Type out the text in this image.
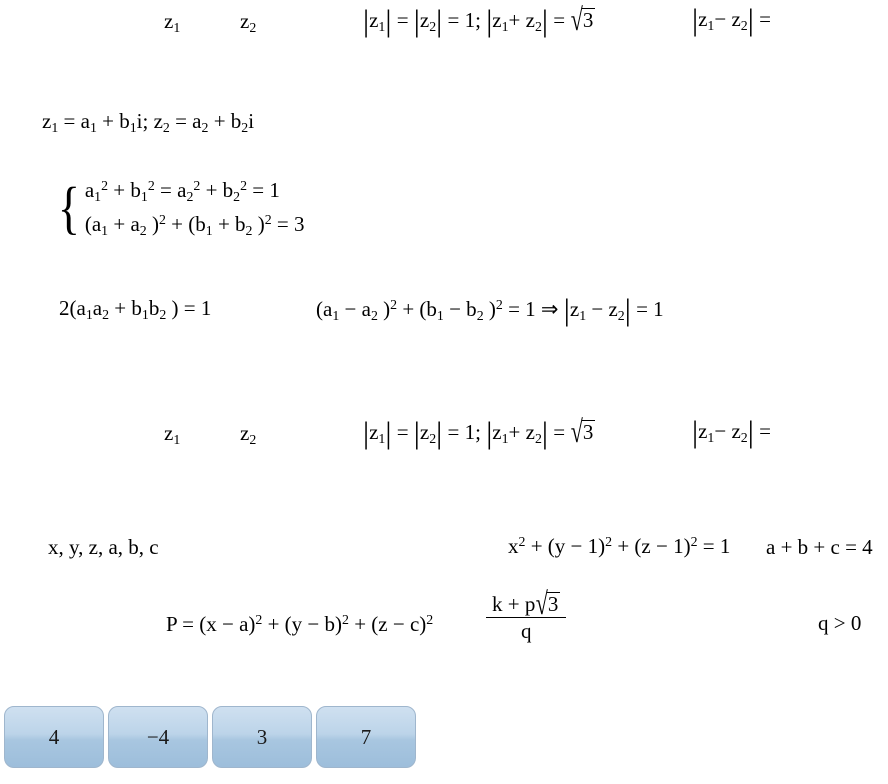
$z_1$	$z_2$	$|z_1| = |z_2| = 1$; $|z_1+ z_2| = √3$	$|z_1- z_2|$ =
$z_1 = a_1 + b_1i$; $z_2 = a_2 + b_2i$
{ $a_1^2 + b_1^2 = a_2^2 + b_2^2 = 1$
($a_1 + a_2$ )$^2 + (b_1 + b_2$ )$^2$ = 3
$2(a_1a_2 + b_1b_2$ ) = 1	($a_1 - a_2$ )$^2 + (b_1 - b_2$ )$^2$ = 1 ⇒ $|z_1 - z_2| = 1$
$z_1$	$z_2$	$|z_1| = |z_2| = 1$; $|z_1+ z_2| = √3$	$|z_1- z_2|$ =
x, y, z, a, b, c	$x^2 + (y - 1)^2 + (z - 1)^2 = 1$ a + b + c = 4
$P = (x - a)^2 + (y - b)^2 + (z - c)^2$	$\frac{k + p√3}{q}$	q > 0
4	−4	3	7
